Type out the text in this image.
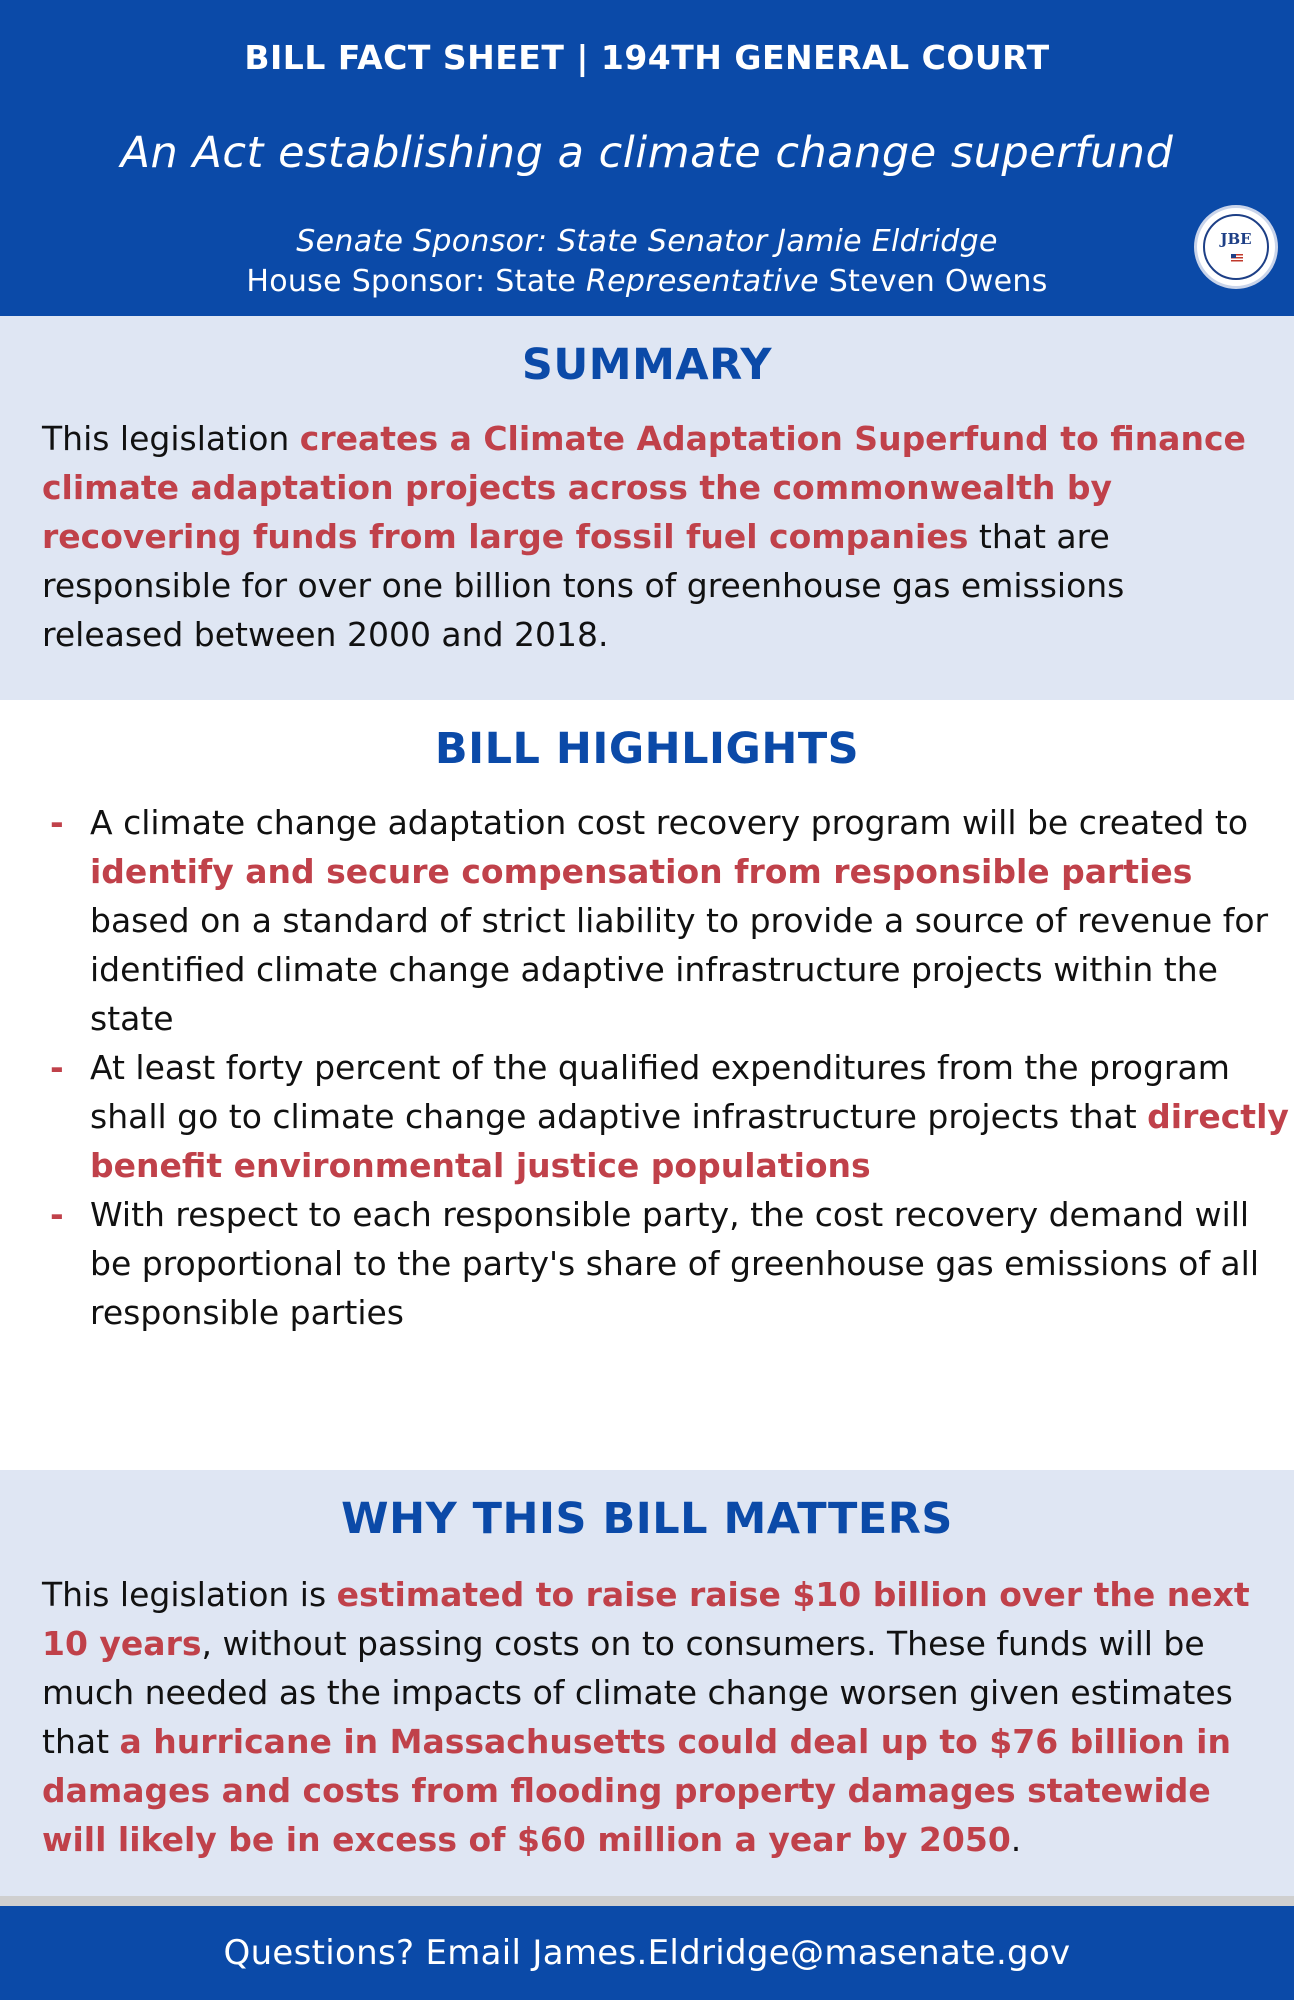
BILL FACT SHEET | 194TH GENERAL COURT
An Act establishing a climate change superfund
Senate Sponsor: State Senator Jamie Eldridge
House Sponsor: State Representative Steven Owens
JBE
SUMMARY
This legislation creates a Climate Adaptation Superfund to finance climate adaptation projects across the commonwealth by recovering funds from large fossil fuel companies that are responsible for over one billion tons of greenhouse gas emissions released between 2000 and 2018.
BILL HIGHLIGHTS
- A climate change adaptation cost recovery program will be created to identify and secure compensation from responsible parties based on a standard of strict liability to provide a source of revenue for identified climate change adaptive infrastructure projects within the state
- At least forty percent of the qualified expenditures from the program shall go to climate change adaptive infrastructure projects that directly benefit environmental justice populations
- With respect to each responsible party, the cost recovery demand will be proportional to the party's share of greenhouse gas emissions of all responsible parties
WHY THIS BILL MATTERS
This legislation is estimated to raise raise $10 billion over the next 10 years, without passing costs on to consumers. These funds will be much needed as the impacts of climate change worsen given estimates that a hurricane in Massachusetts could deal up to $76 billion in damages and costs from flooding property damages statewide will likely be in excess of $60 million a year by 2050.
Questions? Email James.Eldridge@masenate.gov
